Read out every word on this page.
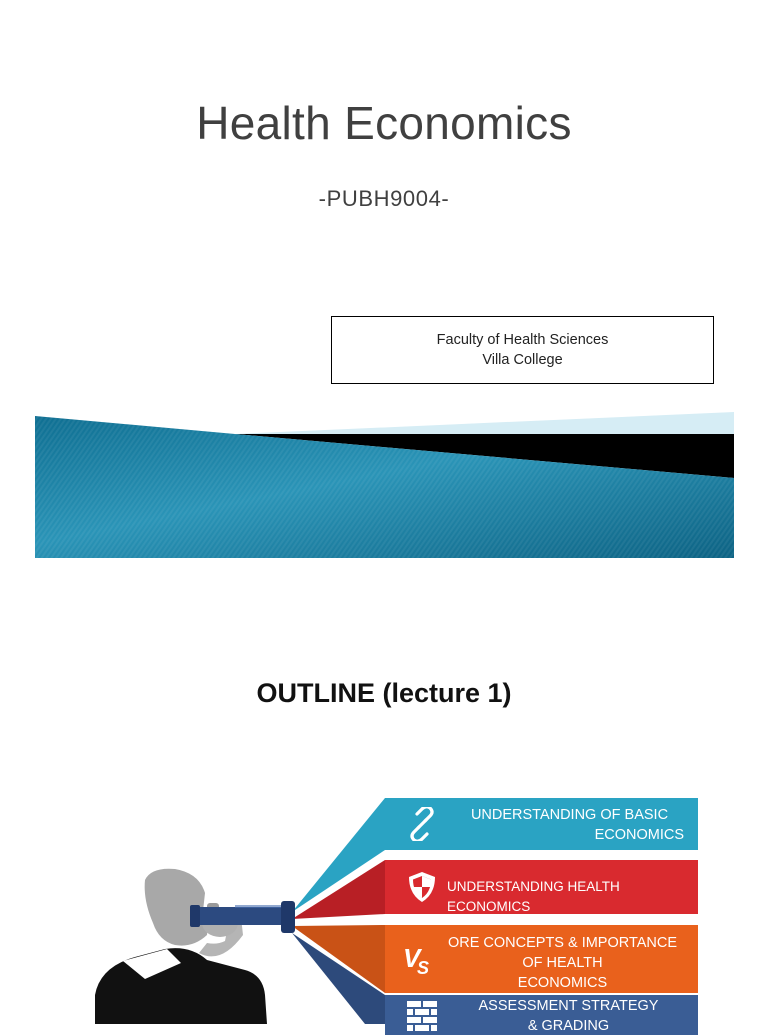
Health Economics
-PUBH9004-
Faculty of Health Sciences
Villa College
OUTLINE (lecture 1)
UNDERSTANDING OF BASIC
ECONOMICS
UNDERSTANDING HEALTH ECONOMICS
V
S
ORE CONCEPTS & IMPORTANCE
OF HEALTH
ECONOMICS
ASSESSMENT STRATEGY
& GRADING
